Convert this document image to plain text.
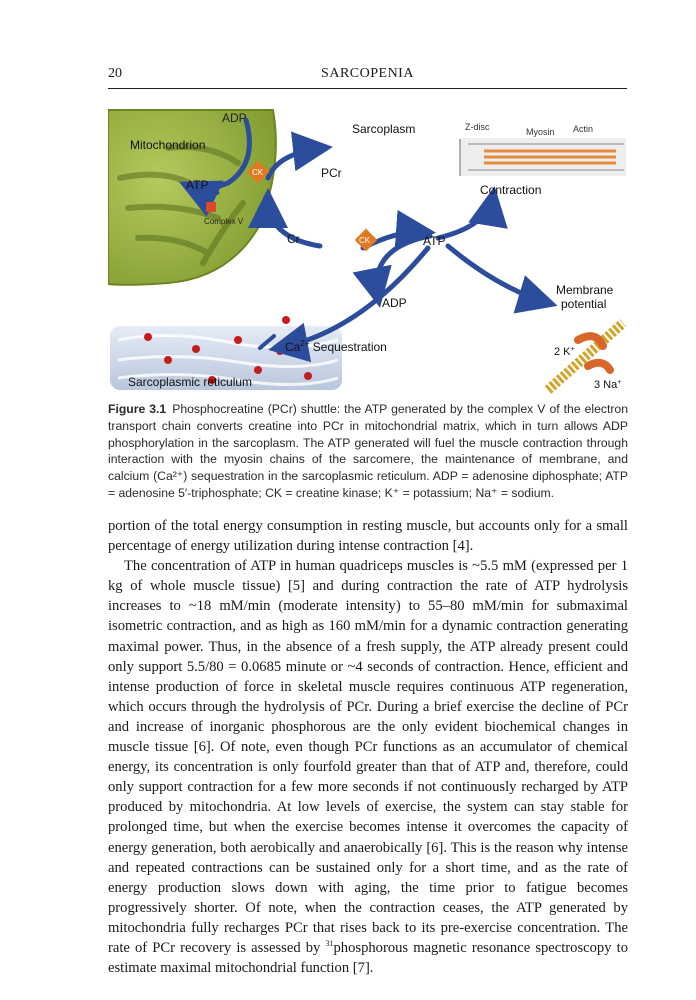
20	SARCOPENIA
ADP
Mitochondrion
CK
ATP
Complex V
Sarcoplasm
PCr
Cr	CK	ATP
ADP
Z-disc	Myosin Actin
Contraction
Membrane
potential
$Ca^{2+}$ Sequestration
Sarcoplasmic reticulum
2 K+
3 Na+

Figure 3.1 Phosphocreatine (PCr) shuttle: the ATP generated by the complex V of the electron transport chain converts creatine into PCr in mitochondrial matrix, which in turn allows ADP phosphorylation in the sarcoplasm. The ATP generated will fuel the muscle contraction through interaction with the myosin chains of the sarcomere, the maintenance of membrane, and calcium (Ca²⁺) sequestration in the sarcoplasmic reticulum. ADP = adenosine diphosphate; ATP = adenosine 5′-triphosphate; CK = creatine kinase; K⁺ = potassium; Na⁺ = sodium.

portion of the total energy consumption in resting muscle, but accounts only for a small percentage of energy utilization during intense contraction [4].

The concentration of ATP in human quadriceps muscles is ~5.5 mM (expressed per 1 kg of whole muscle tissue) [5] and during contraction the rate of ATP hydrolysis increases to ~18 mM/min (moderate intensity) to 55–80 mM/min for submaximal isometric contraction, and as high as 160 mM/min for a dynamic contraction generating maximal power. Thus, in the absence of a fresh supply, the ATP already present could only support 5.5/80 = 0.0685 minute or ~4 seconds of contraction. Hence, efficient and intense production of force in skeletal muscle requires continuous ATP regeneration, which occurs through the hydrolysis of PCr. During a brief exercise the decline of PCr and increase of inorganic phosphorous are the only evident biochemical changes in muscle tissue [6]. Of note, even though PCr functions as an accumulator of chemical energy, its concentration is only fourfold greater than that of ATP and, therefore, could only support contraction for a few more seconds if not continuously recharged by ATP produced by mitochondria. At low levels of exercise, the system can stay stable for prolonged time, but when the exercise becomes intense it overcomes the capacity of energy generation, both aerobically and anaerobically [6]. This is the reason why intense and repeated contractions can be sustained only for a short time, and as the rate of energy production slows down with aging, the time prior to fatigue becomes progressively shorter. Of note, when the contraction ceases, the ATP generated by mitochondria fully recharges PCr that rises back to its pre-exercise concentration. The rate of PCr recovery is assessed by $^{31}$phosphorous magnetic resonance spectroscopy to estimate maximal mitochondrial function [7].
